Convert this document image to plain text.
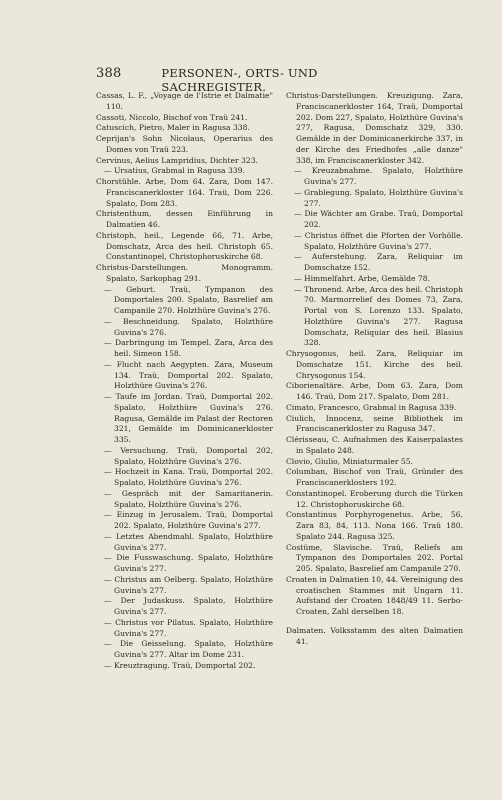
388	PERSONEN-, ORTS- UND SACHREGISTER.

Cassas, L. F., „Voyage de l'Istrie et Dalmatie" 110.

Cassoti, Niccolo, Bischof von Traü 241.

Catuscich, Pietro, Maler in Ragusa 338.

Ceprijan's Sohn Nicolaus, Operarius des Domes von Traü 223.

Cervinus, Aelius Lampridius, Dichter 323.

— Ursatius, Grabmal in Ragusa 339.

Chorstühle. Arbe, Dom 64. Zara, Dom 147. Franciscanerkloster 164. Traü, Dom 226. Spalato, Dom 283.

Christenthum, dessen Einführung in Dalmatien 46.

Christoph, heil., Legende 66, 71. Arbe, Domschatz, Arca des heil. Christoph 65. Constantinopel, Christophoruskirche 68.

Christus-Darstellungen. Monogramm. Spalato, Sarkophag 291.

— Geburt. Traü, Tympanon des Domportales 200. Spalato, Basrelief am Campanile 270. Holzthüre Guvina's 276.

— Beschneidung. Spalato, Holzthüre Guvina's 276.

— Darbringung im Tempel. Zara, Arca des heil. Simeon 158.

— Flucht nach Aegypten. Zara, Museum 134. Traü, Domportal 202. Spalato, Holzthüre Guvina's 276.

— Taufe im Jordan. Traü, Domportal 202. Spalato, Holzthüre Guvina's 276. Ragusa, Gemälde im Palast der Rectoren 321, Gemälde im Dominicanerkloster 335.

— Versuchung. Traü, Domportal 202, Spalato, Holzthüre Guvina's 276.

— Hochzeit in Kana. Traü, Domportal 202. Spalato, Holzthüre Guvina's 276.

— Gespräch mit der Samaritanerin. Spalato, Holzthüre Guvina's 276.

— Einzug in Jerusalem. Traü, Domportal 202. Spalato, Holzthüre Guvina's 277.

— Letztes Abendmahl. Spalato, Holzthüre Guvina's 277.

— Die Fusswaschung. Spalato, Holzthüre Guvina's 277.

— Christus am Oelberg. Spalato, Holzthüre Guvina's 277.

— Der Judaskuss. Spalato, Holzthüre Guvina's 277.

— Christus vor Pilatus. Spalato, Holzthüre Guvina's 277.

— Die Geisselung. Spalato, Holzthüre Guvina's 277. Altar im Dome 231.

— Kreuztragung. Traü, Domportal 202.

Christus-Darstellungen. Kreuzigung. Zara, Franciscanerkloster 164, Traü, Domportal 202. Dom 227, Spalato, Holzthüre Guvina's 277, Ragusa, Domschatz 329, 330. Gemälde in der Dominicanerkirche 337, in der Kirche des Friedhofes „alle danze" 338, im Franciscanerkloster 342.

— Kreuzabnahme. Spalato, Holzthüre Guvina's 277.

— Grablegung. Spalato, Holzthüre Guvina's 277.

— Die Wächter am Grabe. Traü, Domportal 202.

— Christus öffnet die Pforten der Vorhölle. Spalato, Holzthüre Guvina's 277.

— Auferstehung. Zara, Reliquiar im Domschatze 152.

— Himmelfahrt. Arbe, Gemälde 78.

— Thronend. Arbe, Arca des heil. Christoph 70. Marmorrelief des Domes 73, Zara, Portal von S. Lorenzo 133. Spalato, Holzthüre Guvina's 277. Ragusa Domschatz, Reliquiar des heil. Blasius 328.

Chrysogonus, heil. Zara, Reliquiar im Domschatze 151. Kirche des heil. Chrysogonus 154.

Ciborienaltäre. Arbe, Dom 63. Zara, Dom 146. Traü, Dom 217. Spalato, Dom 281.

Cimato, Francesco, Grabmal in Ragusa 339.

Ciulich, Innocenz, seine Bibliothek im Franciscanerkloster zu Ragusa 347.

Clérisseau, C. Aufnahmen des Kaiserpalastes in Spalato 248.

Clovio, Giulio, Miniaturmaler 55.

Columban, Bischof von Traü, Gründer des Franciscanerklosters 192.

Constantinopel. Eroberung durch die Türken 12. Christophoruskirche 68.

Constantinus Porphyrogenetus. Arbe, 56, Zara 83, 84, 113. Nona 166. Traü 180. Spalato 244. Ragusa 325.

Costüme, Slavische. Traü, Reliefs am Tympanon des Domportales 202. Portal 205. Spalato, Basrelief am Campanile 270.

Croaten in Dalmatien 10, 44. Vereinigung des croatischen Stammes mit Ungarn 11. Aufstand der Croaten 1848/49 11. Serbo-Croaten, Zahl derselben 18.

Dalmaten. Volksstamm des alten Dalmatien 41.
